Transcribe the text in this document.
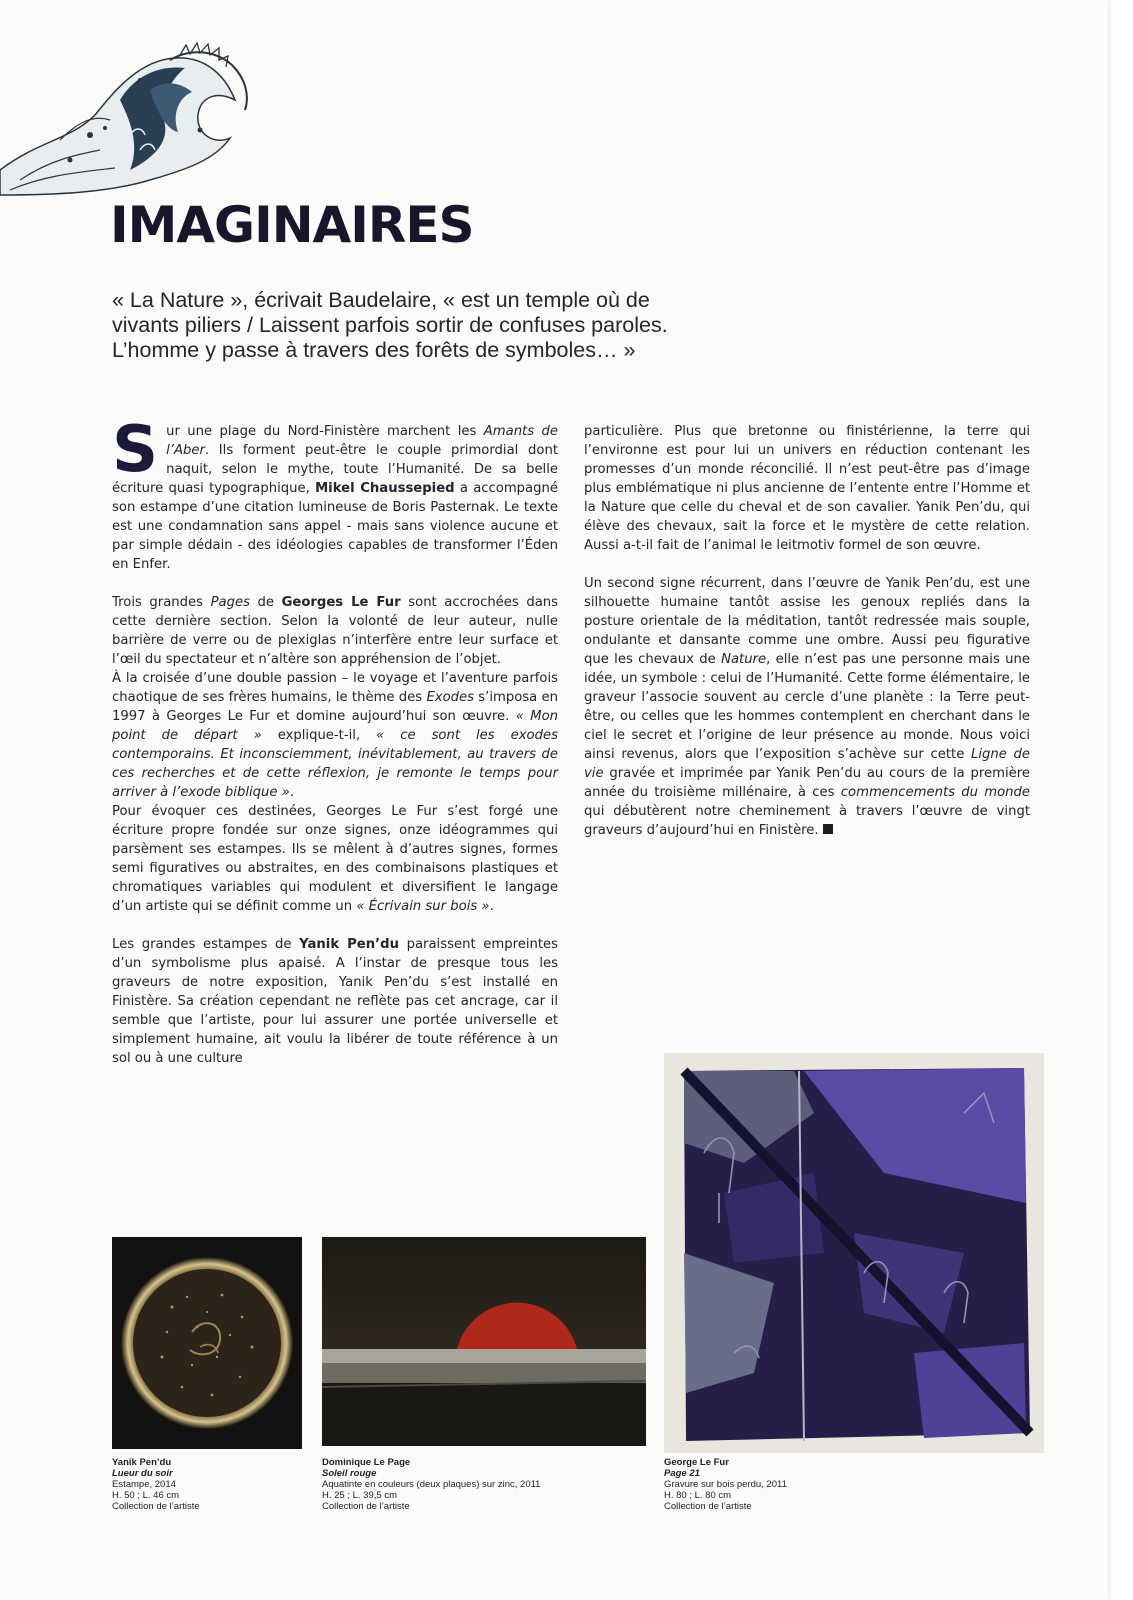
IMAGINAIRES

« La Nature », écrivait Baudelaire, « est un temple où de vivants piliers / Laissent parfois sortir de confuses paroles. L’homme y passe à travers des forêts de symboles… »

Sur une plage du Nord-Finistère marchent les Amants de l’Aber. Ils forment peut-être le couple primordial dont naquit, selon le mythe, toute l’Humanité. De sa belle écriture quasi typographique, Mikel Chaussepied a accompagné son estampe d’une citation lumineuse de Boris Pasternak. Le texte est une condamnation sans appel - mais sans violence aucune et par simple dédain - des idéologies capables de transformer l’Éden en Enfer.

Trois grandes Pages de Georges Le Fur sont accrochées dans cette dernière section. Selon la volonté de leur auteur, nulle barrière de verre ou de plexiglas n’interfère entre leur surface et l’œil du spectateur et n’altère son appréhension de l’objet.

À la croisée d’une double passion – le voyage et l’aventure parfois chaotique de ses frères humains, le thème des Exodes s’imposa en 1997 à Georges Le Fur et domine aujourd’hui son œuvre. « Mon point de départ » explique-t-il, « ce sont les exodes contemporains. Et inconsciemment, inévitablement, au travers de ces recherches et de cette réflexion, je remonte le temps pour arriver à l’exode biblique ».

Pour évoquer ces destinées, Georges Le Fur s’est forgé une écriture propre fondée sur onze signes, onze idéogrammes qui parsèment ses estampes. Ils se mêlent à d’autres signes, formes semi figuratives ou abstraites, en des combinaisons plastiques et chromatiques variables qui modulent et diversifient le langage d’un artiste qui se définit comme un « Écrivain sur bois ».

Les grandes estampes de Yanik Pen’du paraissent empreintes d’un symbolisme plus apaisé. A l’instar de presque tous les graveurs de notre exposition, Yanik Pen’du s’est installé en Finistère. Sa création cependant ne reflète pas cet ancrage, car il semble que l’artiste, pour lui assurer une portée universelle et simplement humaine, ait voulu la libérer de toute référence à un sol ou à une culture

particulière. Plus que bretonne ou finistérienne, la terre qui l’environne est pour lui un univers en réduction contenant les promesses d’un monde réconcilié. Il n’est peut-être pas d’image plus emblématique ni plus ancienne de l’entente entre l’Homme et la Nature que celle du cheval et de son cavalier. Yanik Pen’du, qui élève des chevaux, sait la force et le mystère de cette relation. Aussi a-t-il fait de l’animal le leitmotiv formel de son œuvre.

Un second signe récurrent, dans l’œuvre de Yanik Pen’du, est une silhouette humaine tantôt assise les genoux repliés dans la posture orientale de la méditation, tantôt redressée mais souple, ondulante et dansante comme une ombre. Aussi peu figurative que les chevaux de Nature, elle n’est pas une personne mais une idée, un symbole : celui de l’Humanité. Cette forme élémentaire, le graveur l’associe souvent au cercle d’une planète : la Terre peut-être, ou celles que les hommes contemplent en cherchant dans le ciel le secret et l’origine de leur présence au monde. Nous voici ainsi revenus, alors que l’exposition s’achève sur cette Ligne de vie gravée et imprimée par Yanik Pen’du au cours de la première année du troisième millénaire, à ces commencements du monde qui débutèrent notre cheminement à travers l’œuvre de vingt graveurs d’aujourd’hui en Finistère.

Yanik Pen’du
Lueur du soir
Estampe, 2014
H. 50 ; L. 46 cm
Collection de l’artiste
Dominique Le Page
Soleil rouge
Aquatinte en couleurs (deux plaques) sur zinc, 2011
H. 25 ; L. 39,5 cm
Collection de l’artiste
George Le Fur
Page 21
Gravure sur bois perdu, 2011
H. 80 ; L. 80 cm
Collection de l’artiste
